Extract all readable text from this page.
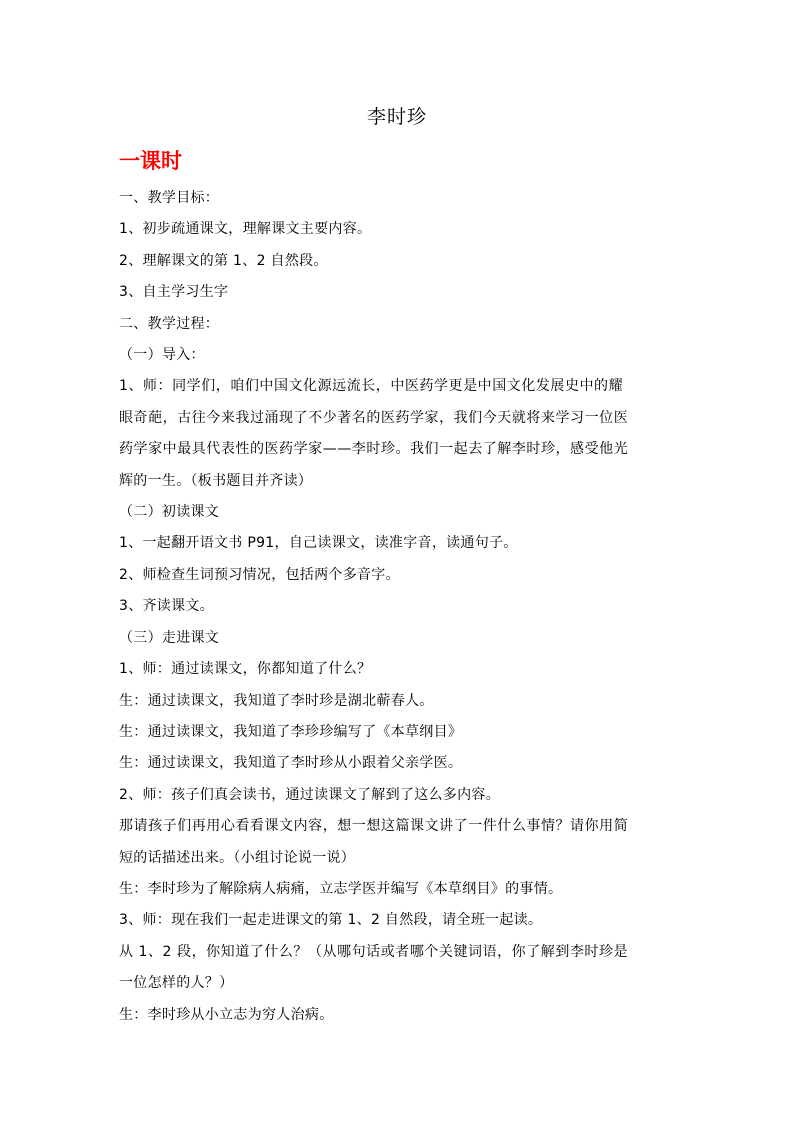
李时珍
一课时
一、教学目标：
1、初步疏通课文，理解课文主要内容。
2、理解课文的第 1、2 自然段。
3、自主学习生字
二、教学过程：
（一）导入：
1、师：同学们，咱们中国文化源远流长，中医药学更是中国文化发展史中的耀
眼奇葩，古往今来我过涌现了不少著名的医药学家，我们今天就将来学习一位医
药学家中最具代表性的医药学家——李时珍。我们一起去了解李时珍，感受他光
辉的一生。（板书题目并齐读）
（二）初读课文
1、一起翻开语文书 P91，自己读课文，读准字音，读通句子。
2、师检查生词预习情况，包括两个多音字。
3、齐读课文。
（三）走进课文
1、师：通过读课文，你都知道了什么？
生：通过读课文，我知道了李时珍是湖北蕲春人。
生：通过读课文，我知道了李珍珍编写了《本草纲目》
生：通过读课文，我知道了李时珍从小跟着父亲学医。
2、师：孩子们真会读书，通过读课文了解到了这么多内容。
那请孩子们再用心看看课文内容，想一想这篇课文讲了一件什么事情？请你用简
短的话描述出来。（小组讨论说一说）
生：李时珍为了解除病人病痛，立志学医并编写《本草纲目》的事情。
3、师：现在我们一起走进课文的第 1、2 自然段，请全班一起读。
从 1、2 段，你知道了什么？（从哪句话或者哪个关键词语，你了解到李时珍是
一位怎样的人？）
生：李时珍从小立志为穷人治病。
